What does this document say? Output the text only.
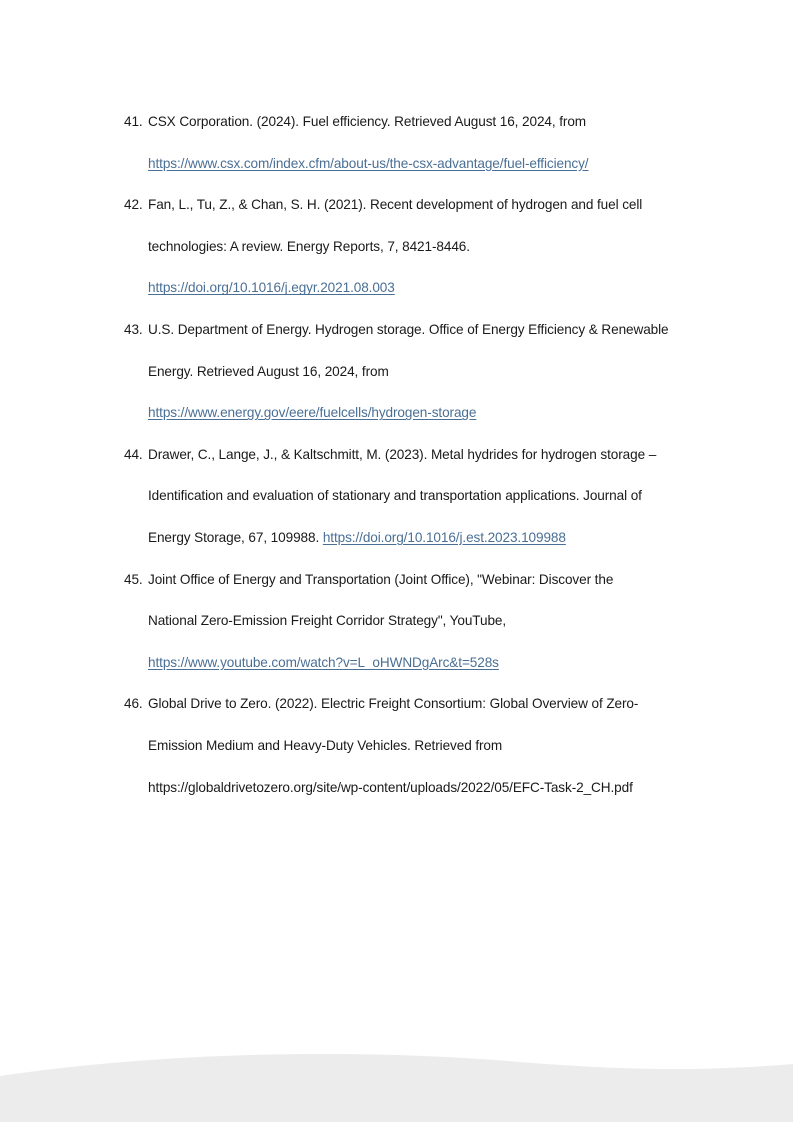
41. CSX Corporation. (2024). Fuel efficiency. Retrieved August 16, 2024, from
https://www.csx.com/index.cfm/about-us/the-csx-advantage/fuel-efficiency/
42. Fan, L., Tu, Z., & Chan, S. H. (2021). Recent development of hydrogen and fuel cell
technologies: A review. Energy Reports, 7, 8421-8446.
https://doi.org/10.1016/j.egyr.2021.08.003
43. U.S. Department of Energy. Hydrogen storage. Office of Energy Efficiency & Renewable
Energy. Retrieved August 16, 2024, from
https://www.energy.gov/eere/fuelcells/hydrogen-storage
44. Drawer, C., Lange, J., & Kaltschmitt, M. (2023). Metal hydrides for hydrogen storage –
Identification and evaluation of stationary and transportation applications. Journal of
Energy Storage, 67, 109988. https://doi.org/10.1016/j.est.2023.109988
45. Joint Office of Energy and Transportation (Joint Office), "Webinar: Discover the
National Zero-Emission Freight Corridor Strategy", YouTube,
https://www.youtube.com/watch?v=L_oHWNDgArc&t=528s
46. Global Drive to Zero. (2022). Electric Freight Consortium: Global Overview of Zero-
Emission Medium and Heavy-Duty Vehicles. Retrieved from
https://globaldrivetozero.org/site/wp-content/uploads/2022/05/EFC-Task-2_CH.pdf
